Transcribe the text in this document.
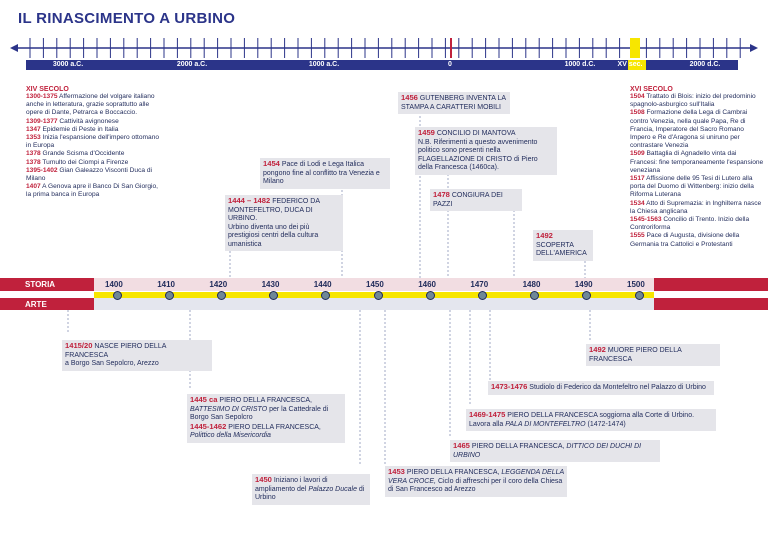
IL RINASCIMENTO A URBINO
3000 a.C.	2000 a.C.	1000 a.C.	0	1000 d.C.	XV sec.	2000 d.C.
XIV SECOLO
1300-1375 Affermazione del volgare italiano anche in letteratura, grazie soprattutto alle opere di Dante, Petrarca e Boccaccio.
1309-1377 Cattività avignonese
1347 Epidemie di Peste in Italia
1353 Inizia l'espansione dell'impero ottomano in Europa
1378 Grande Scisma d'Occidente
1378 Tumulto dei Ciompi a Firenze
1395-1402 Gian Galeazzo Visconti Duca di Milano
1407 A Genova apre il Banco Di San Giorgio, la prima banca in Europa
XVI SECOLO
1504 Trattato di Blois: inizio del predominio spagnolo-asburgico sull'Italia
1508 Formazione della Lega di Cambrai contro Venezia, nella quale Papa, Re di Francia, Imperatore del Sacro Romano Impero e Re d'Aragona si uniruno per contrastare Venezia
1509 Battaglia di Agnadello vinta dai Francesi: fine temporaneamente l'espansione veneziana
1517 Affissione delle 95 Tesi di Lutero alla porta del Duomo di Wittenberg: inizio della Riforma Luterana
1534 Atto di Supremazia: in Inghilterra nasce la Chiesa anglicana
1545-1563 Concilio di Trento. Inizio della Controriforma
1555 Pace di Augusta, divisione della Germania tra Cattolici e Protestanti
1456 GUTENBERG INVENTA LA STAMPA A CARATTERI MOBILI
1459 CONCILIO DI MANTOVA
N.B. Riferimenti a questo avvenimento politico sono presenti nella FLAGELLAZIONE DI CRISTO di Piero della Francesca (1460ca).
1454 Pace di Lodi e Lega Italica pongono fine al conflitto tra Venezia e Milano
1444 – 1482 FEDERICO DA MONTEFELTRO, DUCA DI URBINO.
Urbino diventa uno dei più prestigiosi centri della cultura umanistica
1478 CONGIURA DEI PAZZI
1492 SCOPERTA DELL'AMERICA
STORIA
ARTE
1400	1410	1420	1430	1440	1450	1460	1470	1480	1490	1500
1415/20 NASCE PIERO DELLA FRANCESCA
a Borgo San Sepolcro, Arezzo
1492 MUORE PIERO DELLA FRANCESCA
1473-1476 Studiolo di Federico da Montefeltro nel Palazzo di Urbino
1445 ca PIERO DELLA FRANCESCA, BATTESIMO DI CRISTO per la Cattedrale di Borgo San Sepolcro
1445-1462 PIERO DELLA FRANCESCA,
Polittico della Misericordia
1469-1475 PIERO DELLA FRANCESCA soggiorna alla Corte di Urbino.
Lavora alla PALA DI MONTEFELTRO (1472-1474)
1465 PIERO DELLA FRANCESCA, DITTICO DEI DUCHI DI URBINO
1450 Iniziano i lavori di ampliamento del Palazzo Ducale di Urbino
1453 PIERO DELLA FRANCESCA, LEGGENDA DELLA VERA CROCE, Ciclo di affreschi per il coro della Chiesa di San Francesco ad Arezzo
